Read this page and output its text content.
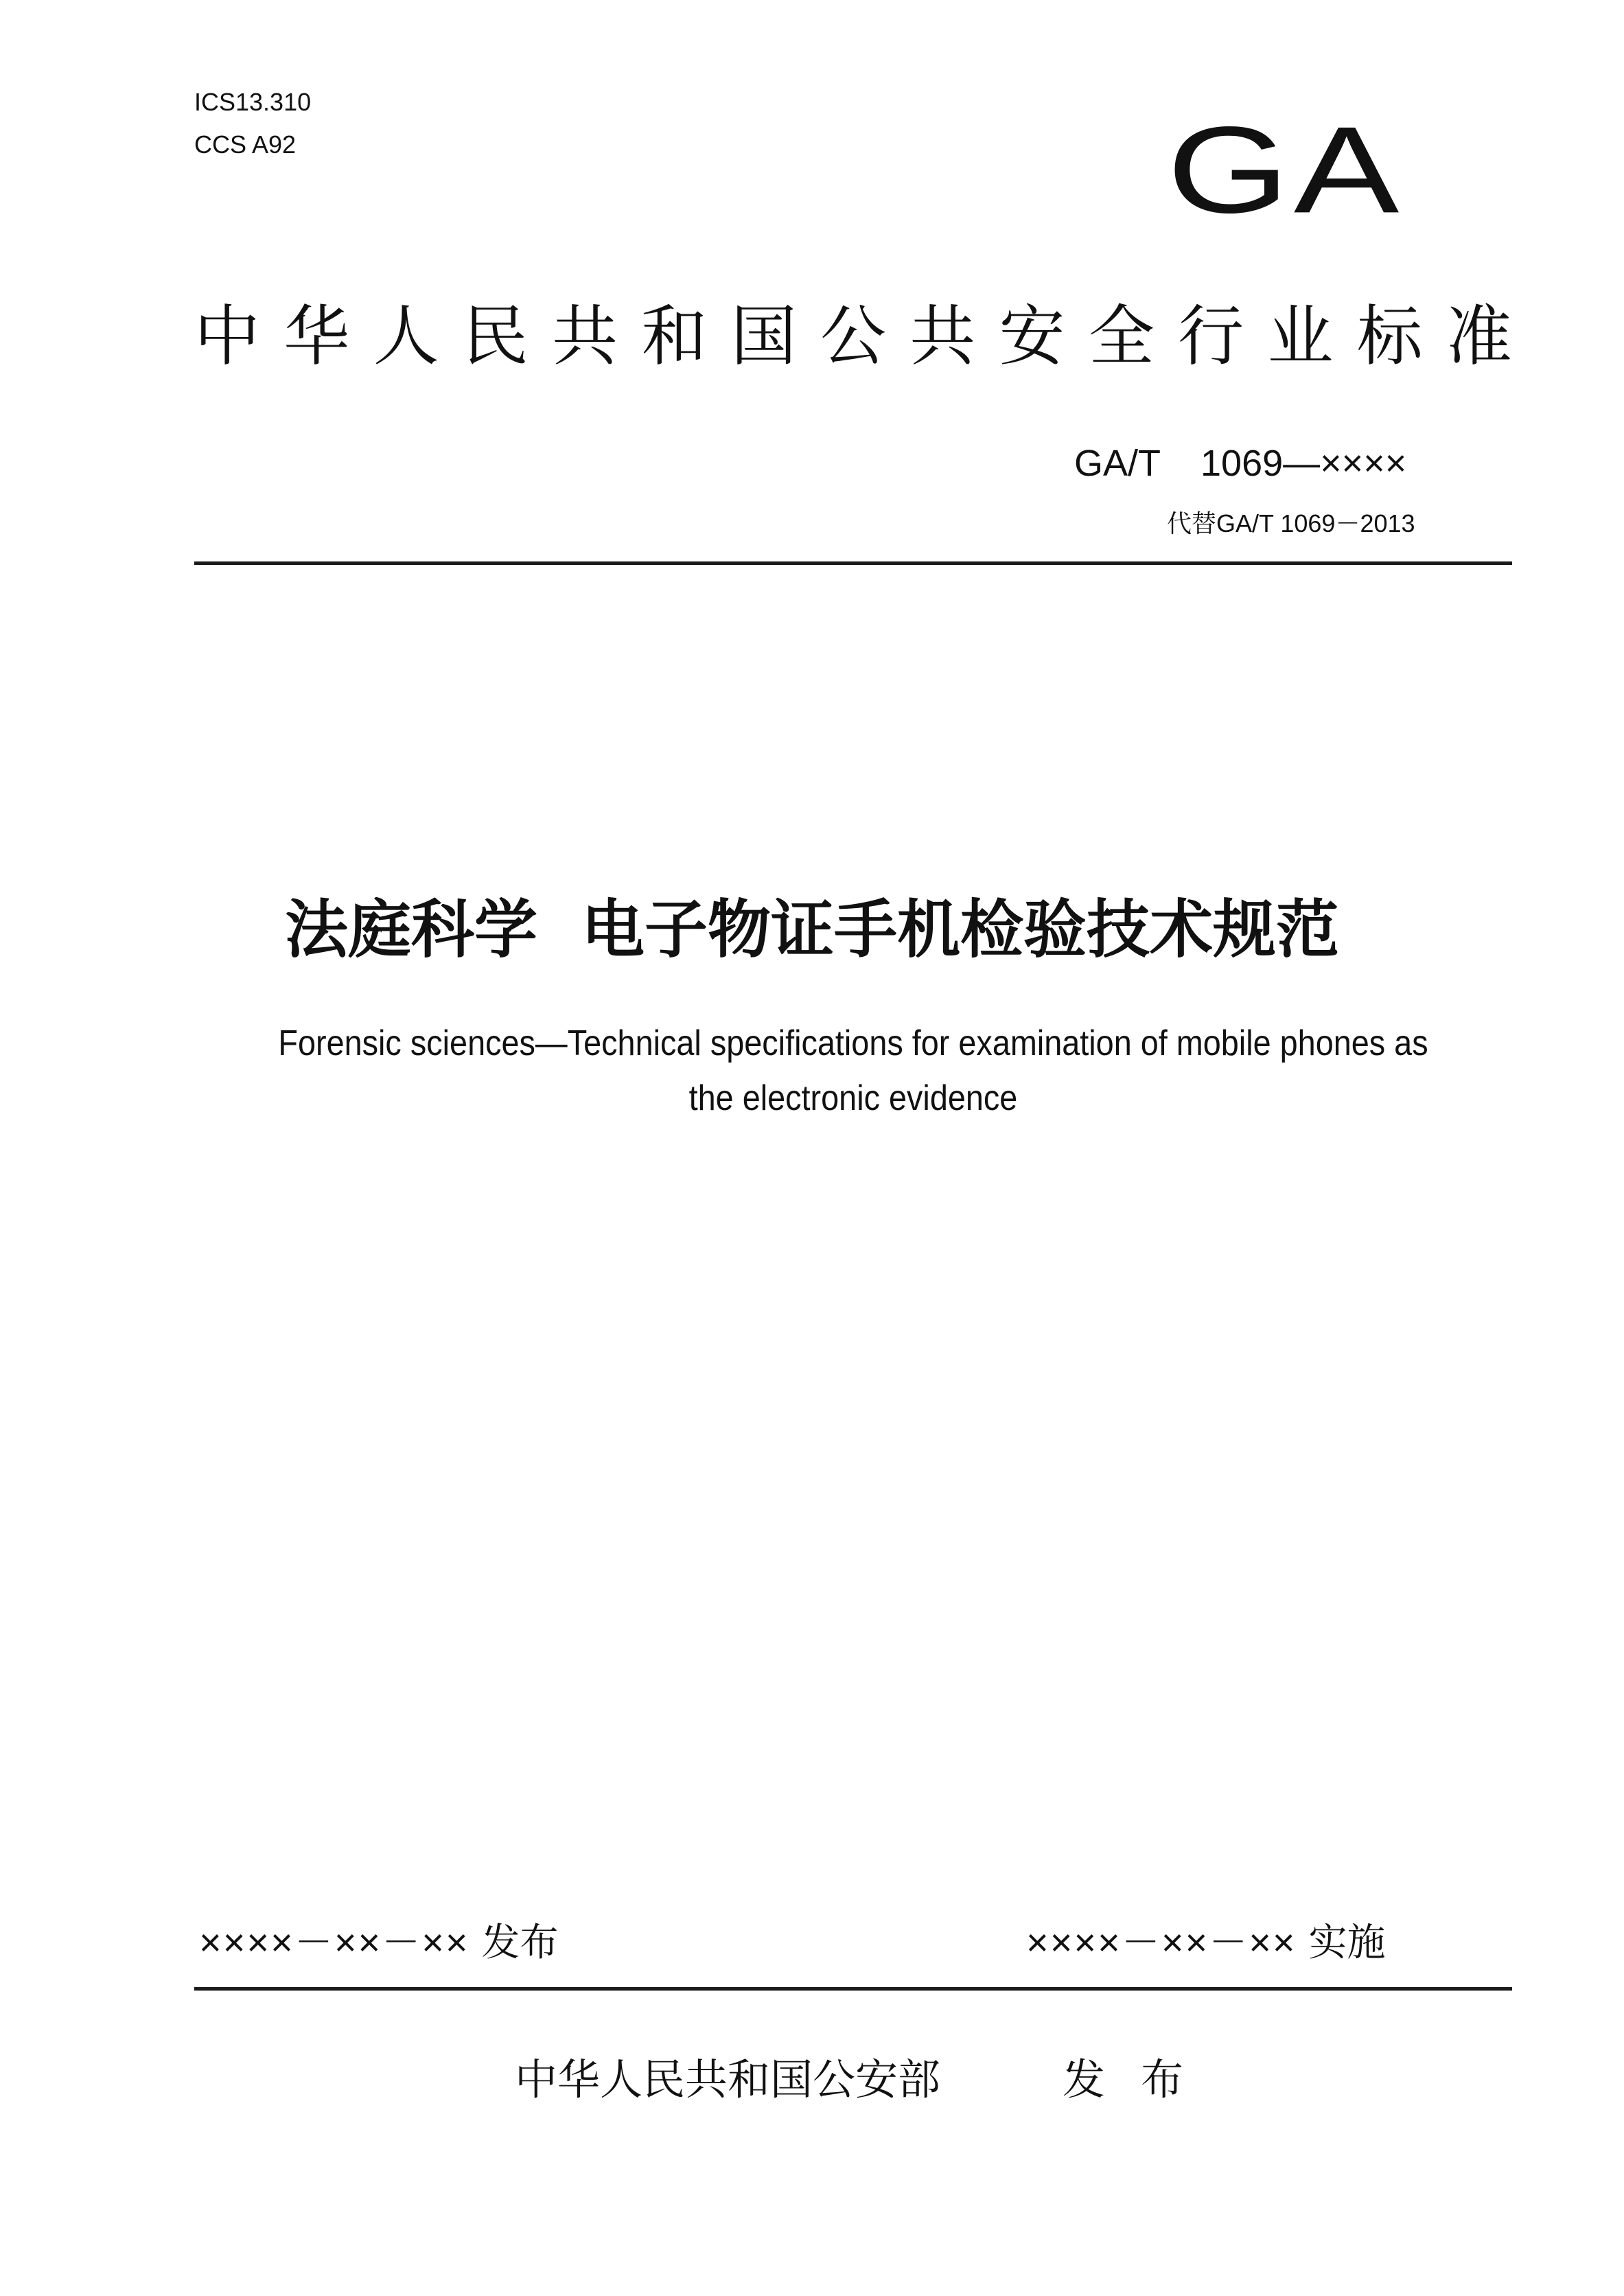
ICS13.310
CCS A92	GA
中 华 人 民 共 和 国 公 共 安 全 行 业 标 准
GA/T 1069—××××
代替GA/T 1069－2013
法庭科学  电子物证手机检验技术规范
Forensic sciences—Technical specifications for examination of mobile phones as
the electronic evidence
××××－××－×× 发布	××××－××－×× 实施
中华人民共和国公安部	发布
